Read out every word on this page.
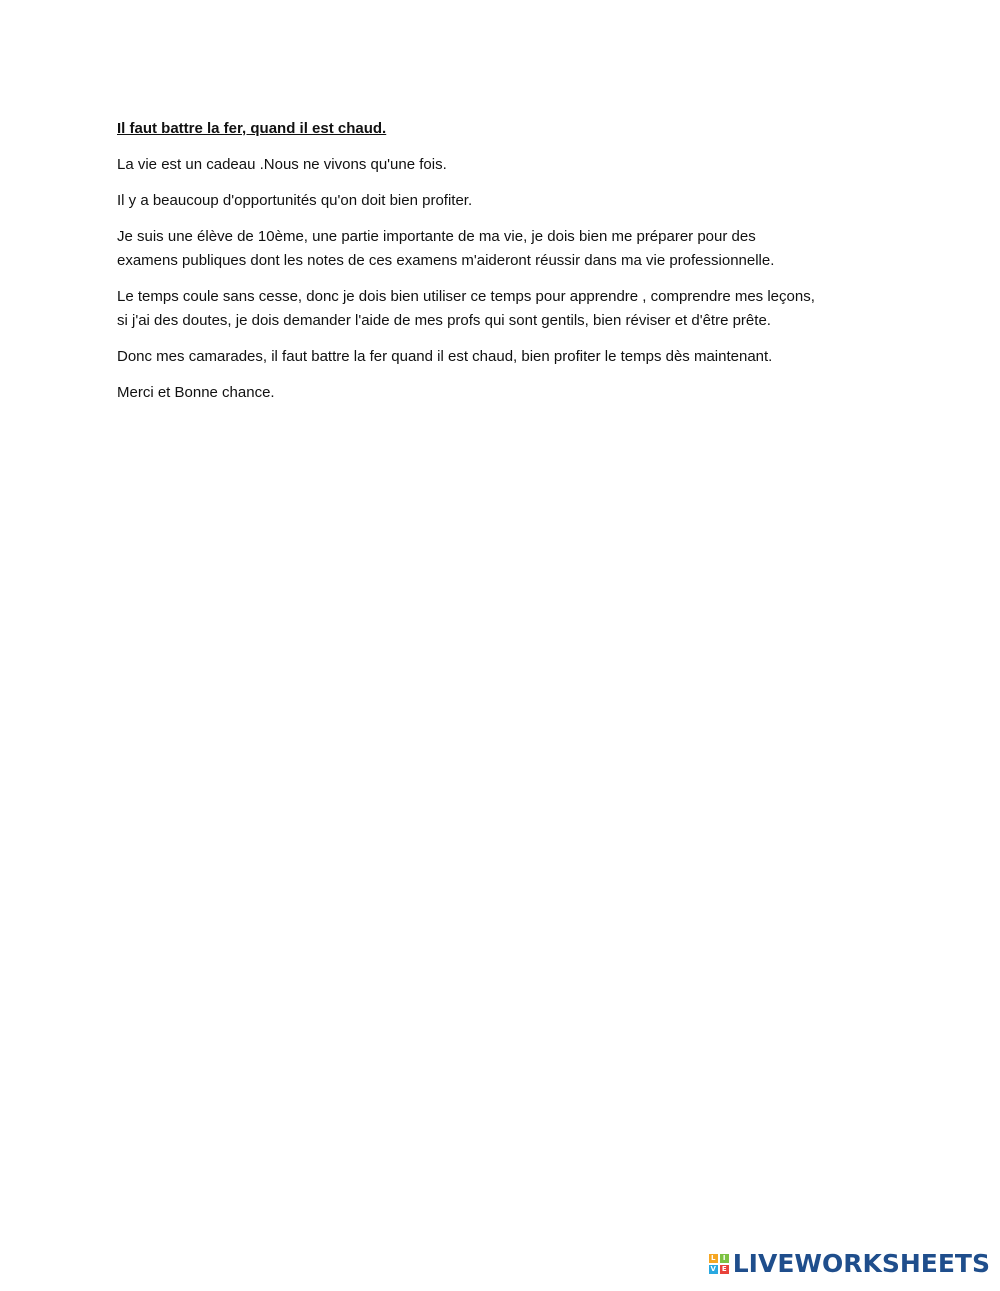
Il faut battre la fer, quand il est chaud.

La vie est un cadeau .Nous ne vivons qu'une fois.

Il y a beaucoup d'opportunités qu'on doit bien profiter.

Je suis une élève de 10ème, une partie importante de ma vie, je dois bien me préparer pour des
examens publiques dont les notes de ces examens m'aideront réussir dans ma vie professionnelle.

Le temps coule sans cesse, donc je dois bien utiliser ce temps pour apprendre , comprendre mes leçons,
si j'ai des doutes, je dois demander l'aide de mes profs qui sont gentils, bien réviser et d'être prête.

Donc mes camarades, il faut battre la fer quand il est chaud, bien profiter le temps dès maintenant.

Merci et Bonne chance.

L	I
V E LIVEWORKSHEETS
